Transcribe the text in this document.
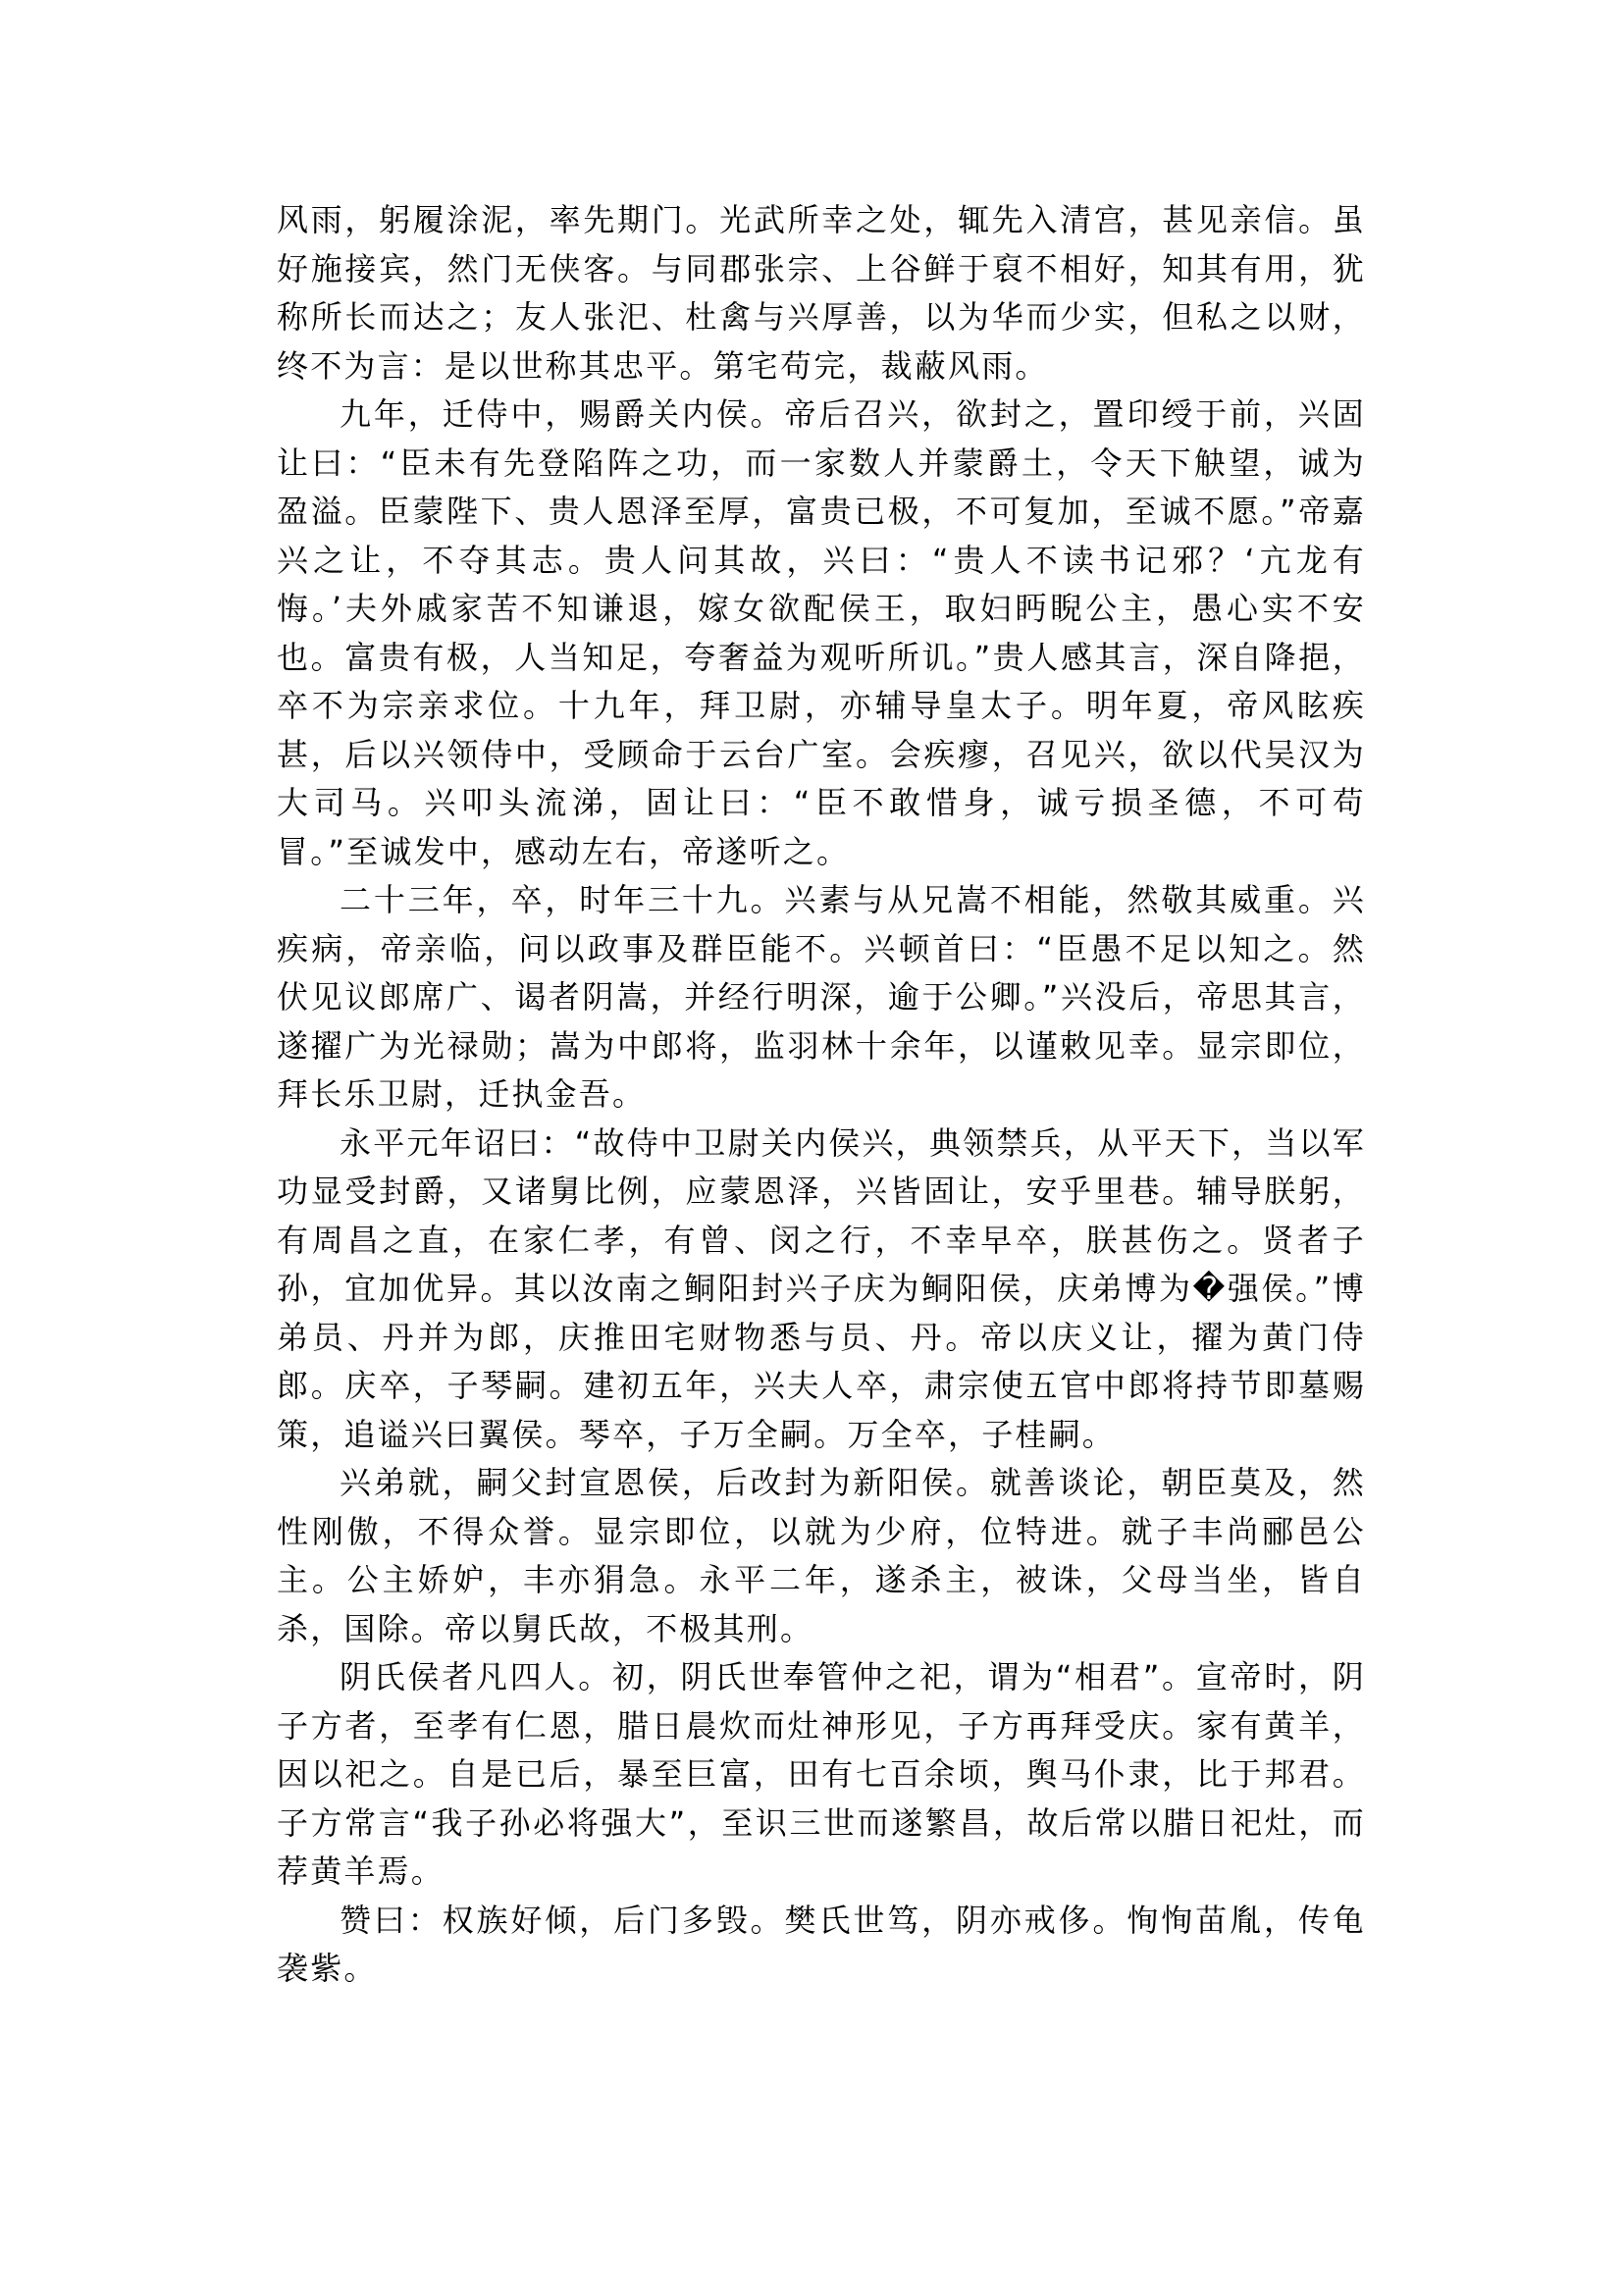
风雨，躬履涂泥，率先期门。光武所幸之处，辄先入清宫，甚见亲信。虽好施接宾，然门无侠客。与同郡张宗、上谷鲜于裒不相好，知其有用，犹称所长而达之；友人张汜、杜禽与兴厚善，以为华而少实，但私之以财，终不为言：是以世称其忠平。第宅苟完，裁蔽风雨。

九年，迁侍中，赐爵关内侯。帝后召兴，欲封之，置印绶于前，兴固让曰：“臣未有先登陷阵之功，而一家数人并蒙爵土，令天下觖望，诚为盈溢。臣蒙陛下、贵人恩泽至厚，富贵已极，不可复加，至诚不愿。”帝嘉兴之让，不夺其志。贵人问其故，兴曰：“贵人不读书记邪？‘亢龙有悔。’夫外戚家苦不知谦退，嫁女欲配侯王，取妇眄睨公主，愚心实不安也。富贵有极，人当知足，夸奢益为观听所讥。”贵人感其言，深自降挹，卒不为宗亲求位。十九年，拜卫尉，亦辅导皇太子。明年夏，帝风眩疾甚，后以兴领侍中，受顾命于云台广室。会疾瘳，召见兴，欲以代吴汉为大司马。兴叩头流涕，固让曰：“臣不敢惜身，诚亏损圣德，不可苟冒。”至诚发中，感动左右，帝遂听之。

二十三年，卒，时年三十九。兴素与从兄嵩不相能，然敬其威重。兴疾病，帝亲临，问以政事及群臣能不。兴顿首曰：“臣愚不足以知之。然伏见议郎席广、谒者阴嵩，并经行明深，逾于公卿。”兴没后，帝思其言，遂擢广为光禄勋；嵩为中郎将，监羽林十余年，以谨敕见幸。显宗即位，拜长乐卫尉，迁执金吾。

永平元年诏曰：“故侍中卫尉关内侯兴，典领禁兵，从平天下，当以军功显受封爵，又诸舅比例，应蒙恩泽，兴皆固让，安乎里巷。辅导朕躬，有周昌之直，在家仁孝，有曾、闵之行，不幸早卒，朕甚伤之。贤者子孙，宜加优异。其以汝南之鲖阳封兴子庆为鲖阳侯，庆弟博为�强侯。”博弟员、丹并为郎，庆推田宅财物悉与员、丹。帝以庆义让，擢为黄门侍郎。庆卒，子琴嗣。建初五年，兴夫人卒，肃宗使五官中郎将持节即墓赐策，追谥兴曰翼侯。琴卒，子万全嗣。万全卒，子桂嗣。

兴弟就，嗣父封宣恩侯，后改封为新阳侯。就善谈论，朝臣莫及，然性刚傲，不得众誉。显宗即位，以就为少府，位特进。就子丰尚郦邑公主。公主娇妒，丰亦狷急。永平二年，遂杀主，被诛，父母当坐，皆自杀，国除。帝以舅氏故，不极其刑。

阴氏侯者凡四人。初，阴氏世奉管仲之祀，谓为“相君”。宣帝时，阴子方者，至孝有仁恩，腊日晨炊而灶神形见，子方再拜受庆。家有黄羊，因以祀之。自是已后，暴至巨富，田有七百余顷，舆马仆隶，比于邦君。子方常言“我子孙必将强大”，至识三世而遂繁昌，故后常以腊日祀灶，而荐黄羊焉。

赞曰：权族好倾，后门多毁。樊氏世笃，阴亦戒侈。恂恂苗胤，传龟袭紫。
